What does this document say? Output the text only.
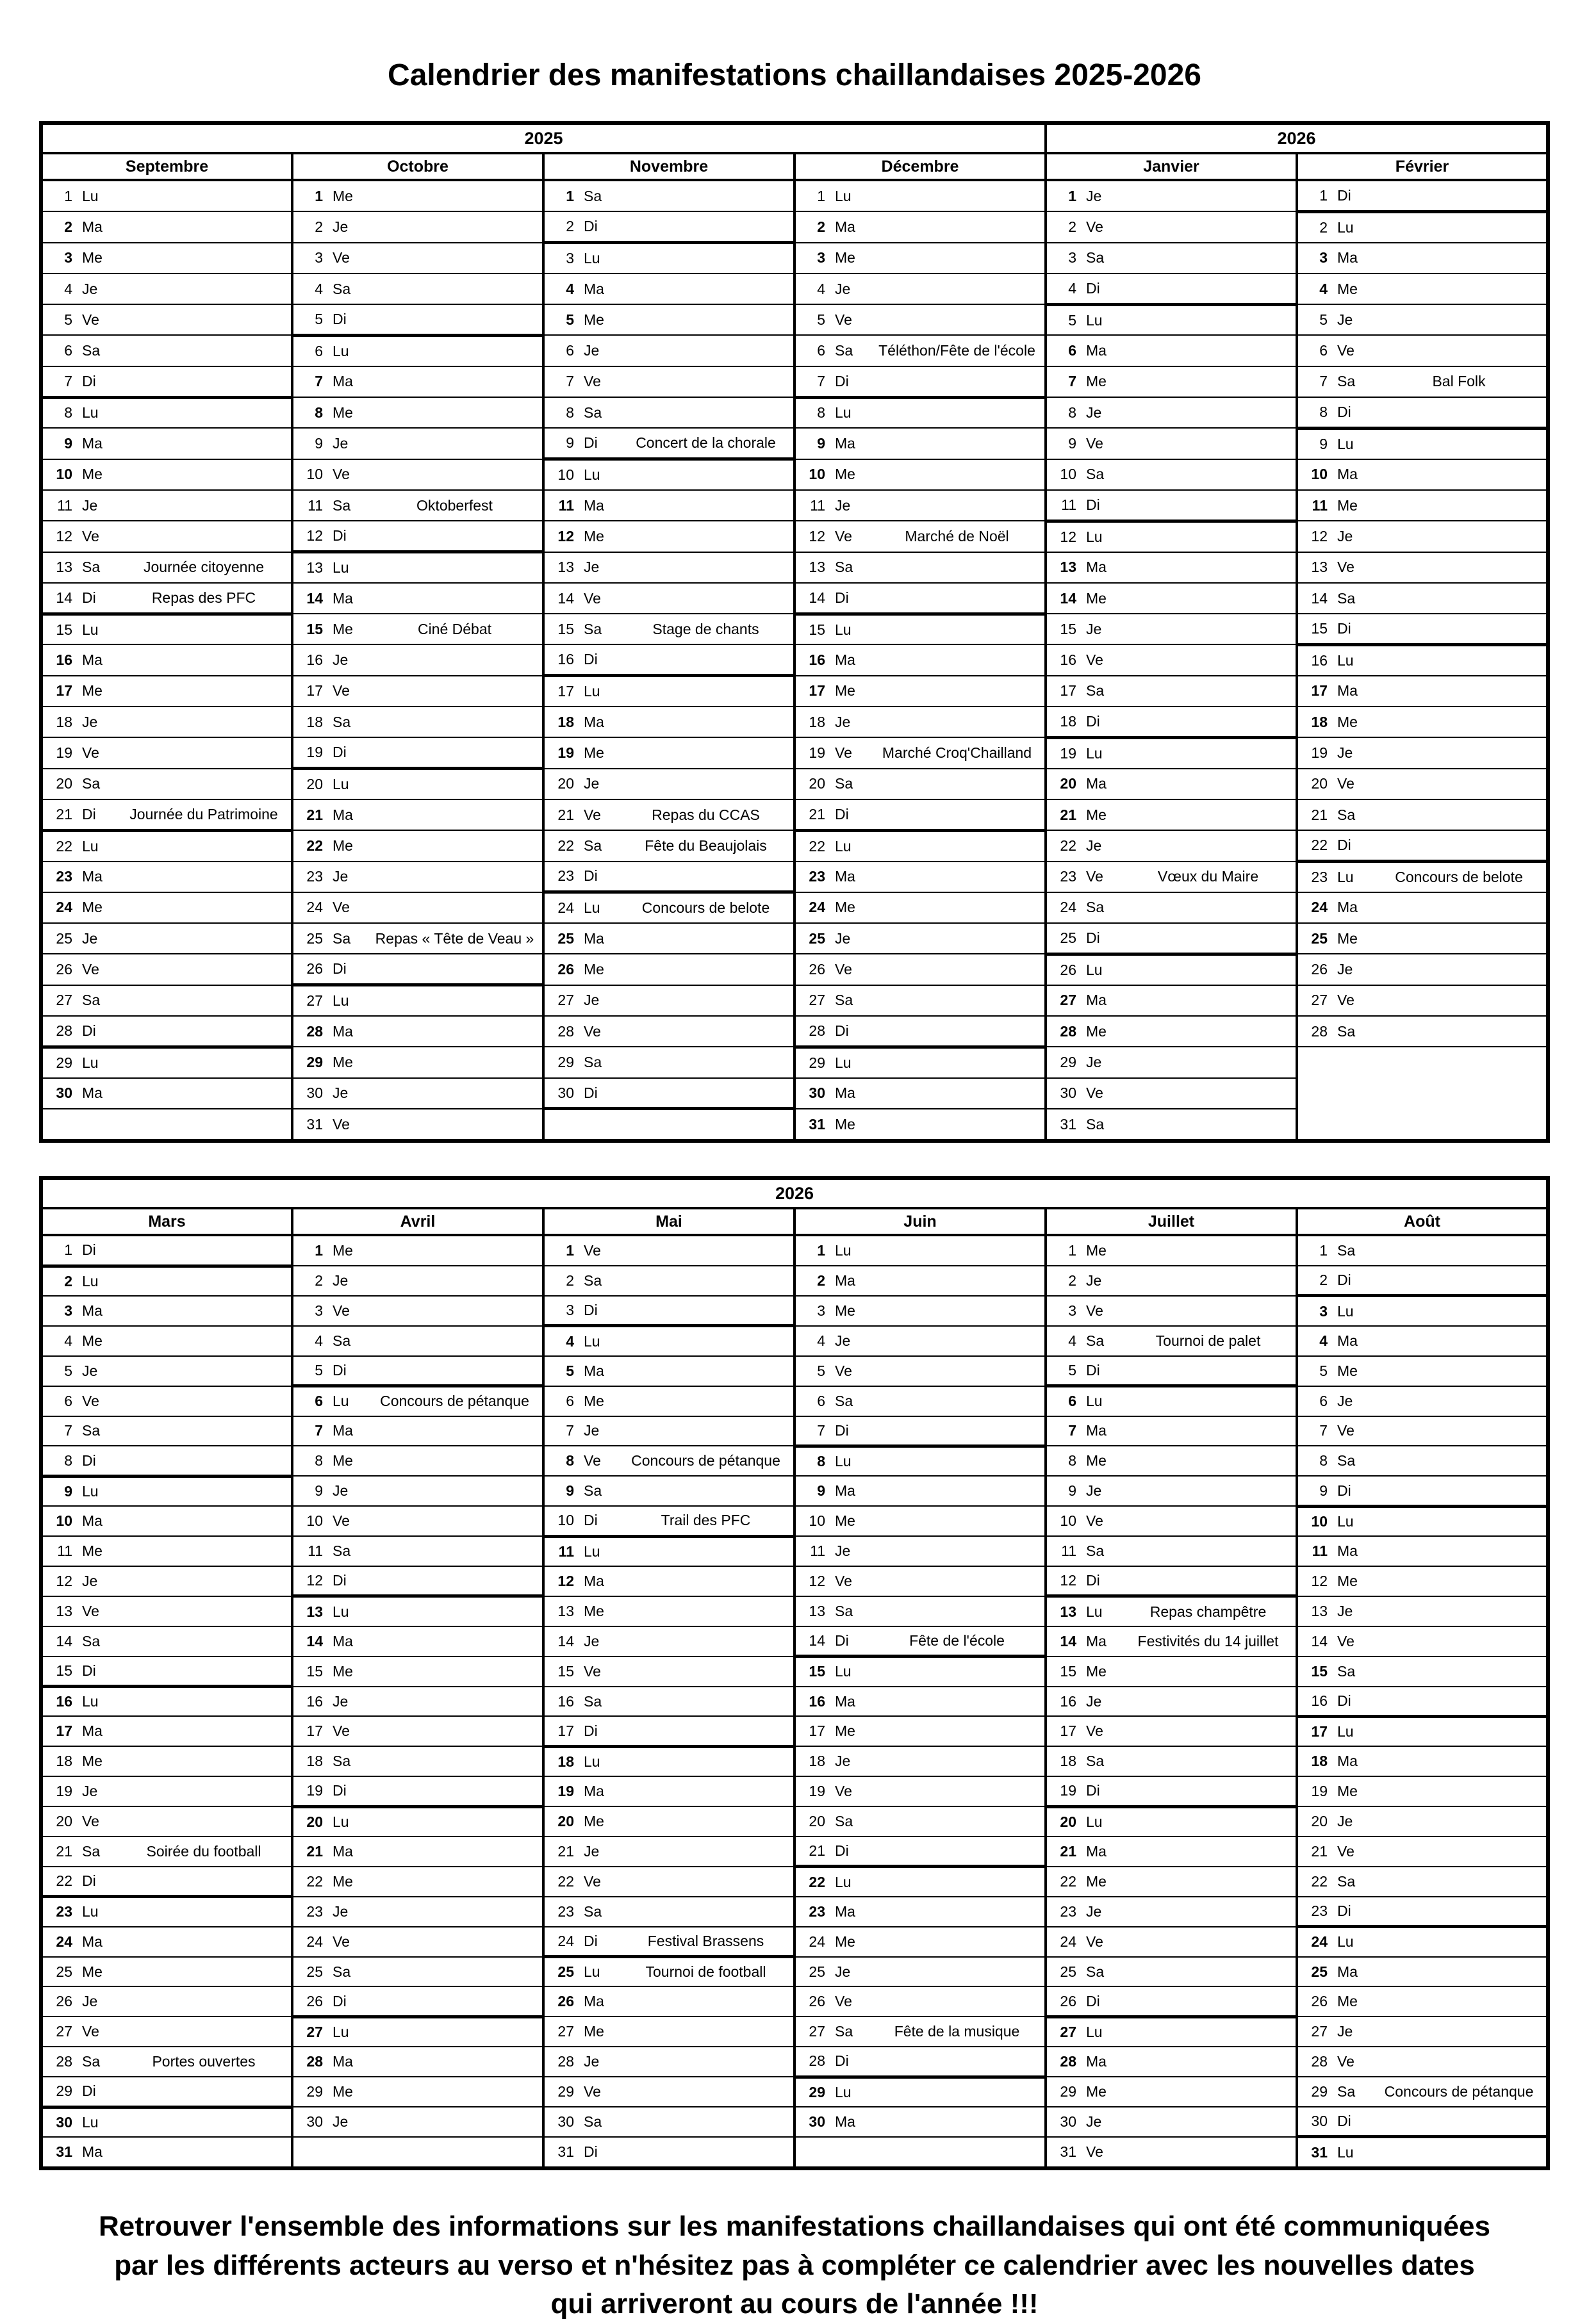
Calendrier des manifestations chaillandaises 2025-2026
2025				2026	
Septembre	Octobre	Novembre	Décembre	Janvier	Février

1 Lu	1 Me	1 Sa	1 Lu	1 Je	1 Di

2 Ma	2 Je	2 Di	2 Ma	2 Ve	2 Lu

3 Me	3 Ve	3 Lu	3 Me	3 Sa	3 Ma

4 Je	4 Sa	4 Ma	4 Je	4 Di	4 Me

5 Ve	5 Di	5 Me	5 Ve	5 Lu	5 Je

6 Sa	6 Lu	6 Je	6 Sa Téléthon/Fête de l'école	6 Ma	6 Ve

7 Di	7 Ma	7 Ve	7 Di	7 Me	7 Sa Bal Folk

8 Lu	8 Me	8 Sa	8 Lu	8 Je	8 Di

9 Ma	9 Je	9 Di Concert de la chorale	9 Ma	9 Ve	9 Lu

10 Me	10 Ve	10 Lu	10 Me	10 Sa	10 Ma

11 Je	11 Sa Oktoberfest	11 Ma	11 Je	11 Di	11 Me

12 Ve	12 Di	12 Me	12 Ve Marché de Noël	12 Lu	12 Je

13 Sa Journée citoyenne	13 Lu	13 Je	13 Sa	13 Ma	13 Ve

14 Di Repas des PFC	14 Ma	14 Ve	14 Di	14 Me	14 Sa

15 Lu	15 Me Ciné Débat	15 Sa Stage de chants	15 Lu	15 Je	15 Di

16 Ma	16 Je	16 Di	16 Ma	16 Ve	16 Lu

17 Me	17 Ve	17 Lu	17 Me	17 Sa	17 Ma

18 Je	18 Sa	18 Ma	18 Je	18 Di	18 Me

19 Ve	19 Di	19 Me	19 Ve Marché Croq'Chailland	19 Lu	19 Je

20 Sa	20 Lu	20 Je	20 Sa	20 Ma	20 Ve

21 Di Journée du Patrimoine	21 Ma	21 Ve Repas du CCAS	21 Di	21 Me	21 Sa

22 Lu	22 Me	22 Sa Fête du Beaujolais	22 Lu	22 Je	22 Di

23 Ma	23 Je	23 Di	23 Ma	23 Ve Vœux du Maire	23 Lu Concours de belote

24 Me	24 Ve	24 Lu Concours de belote	24 Me	24 Sa	24 Ma

25 Je	25 Sa Repas « Tête de Veau »	25 Ma	25 Je	25 Di	25 Me

26 Ve	26 Di	26 Me	26 Ve	26 Lu	26 Je

27 Sa	27 Lu	27 Je	27 Sa	27 Ma	27 Ve

28 Di	28 Ma	28 Ve	28 Di	28 Me	28 Sa

29 Lu	29 Me	29 Sa	29 Lu	29 Je	

30 Ma	30 Je	30 Di	30 Ma	30 Ve	

	31 Ve		31 Me	31 Sa	
2026					
Mars	Avril	Mai	Juin	Juillet	Août

1 Di	1 Me	1 Ve	1 Lu	1 Me	1 Sa

2 Lu	2 Je	2 Sa	2 Ma	2 Je	2 Di

3 Ma	3 Ve	3 Di	3 Me	3 Ve	3 Lu

4 Me	4 Sa	4 Lu	4 Je	4 Sa Tournoi de palet	4 Ma

5 Je	5 Di	5 Ma	5 Ve	5 Di	5 Me

6 Ve	6 Lu Concours de pétanque	6 Me	6 Sa	6 Lu	6 Je

7 Sa	7 Ma	7 Je	7 Di	7 Ma	7 Ve

8 Di	8 Me	8 Ve Concours de pétanque	8 Lu	8 Me	8 Sa

9 Lu	9 Je	9 Sa	9 Ma	9 Je	9 Di

10 Ma	10 Ve	10 Di Trail des PFC	10 Me	10 Ve	10 Lu

11 Me	11 Sa	11 Lu	11 Je	11 Sa	11 Ma

12 Je	12 Di	12 Ma	12 Ve	12 Di	12 Me

13 Ve	13 Lu	13 Me	13 Sa	13 Lu Repas champêtre	13 Je

14 Sa	14 Ma	14 Je	14 Di Fête de l'école	14 Ma Festivités du 14 juillet	14 Ve

15 Di	15 Me	15 Ve	15 Lu	15 Me	15 Sa

16 Lu	16 Je	16 Sa	16 Ma	16 Je	16 Di

17 Ma	17 Ve	17 Di	17 Me	17 Ve	17 Lu

18 Me	18 Sa	18 Lu	18 Je	18 Sa	18 Ma

19 Je	19 Di	19 Ma	19 Ve	19 Di	19 Me

20 Ve	20 Lu	20 Me	20 Sa	20 Lu	20 Je

21 Sa Soirée du football	21 Ma	21 Je	21 Di	21 Ma	21 Ve

22 Di	22 Me	22 Ve	22 Lu	22 Me	22 Sa

23 Lu	23 Je	23 Sa	23 Ma	23 Je	23 Di

24 Ma	24 Ve	24 Di Festival Brassens	24 Me	24 Ve	24 Lu

25 Me	25 Sa	25 Lu Tournoi de football	25 Je	25 Sa	25 Ma

26 Je	26 Di	26 Ma	26 Ve	26 Di	26 Me

27 Ve	27 Lu	27 Me	27 Sa Fête de la musique	27 Lu	27 Je

28 Sa Portes ouvertes	28 Ma	28 Je	28 Di	28 Ma	28 Ve

29 Di	29 Me	29 Ve	29 Lu	29 Me	29 Sa Concours de pétanque

30 Lu	30 Je	30 Sa	30 Ma	30 Je	30 Di

31 Ma		31 Di		31 Ve	31 Lu
Retrouver l'ensemble des informations sur les manifestations chaillandaises qui ont été communiquées
par les différents acteurs au verso et n'hésitez pas à compléter ce calendrier avec les nouvelles dates
qui arriveront au cours de l'année !!!
